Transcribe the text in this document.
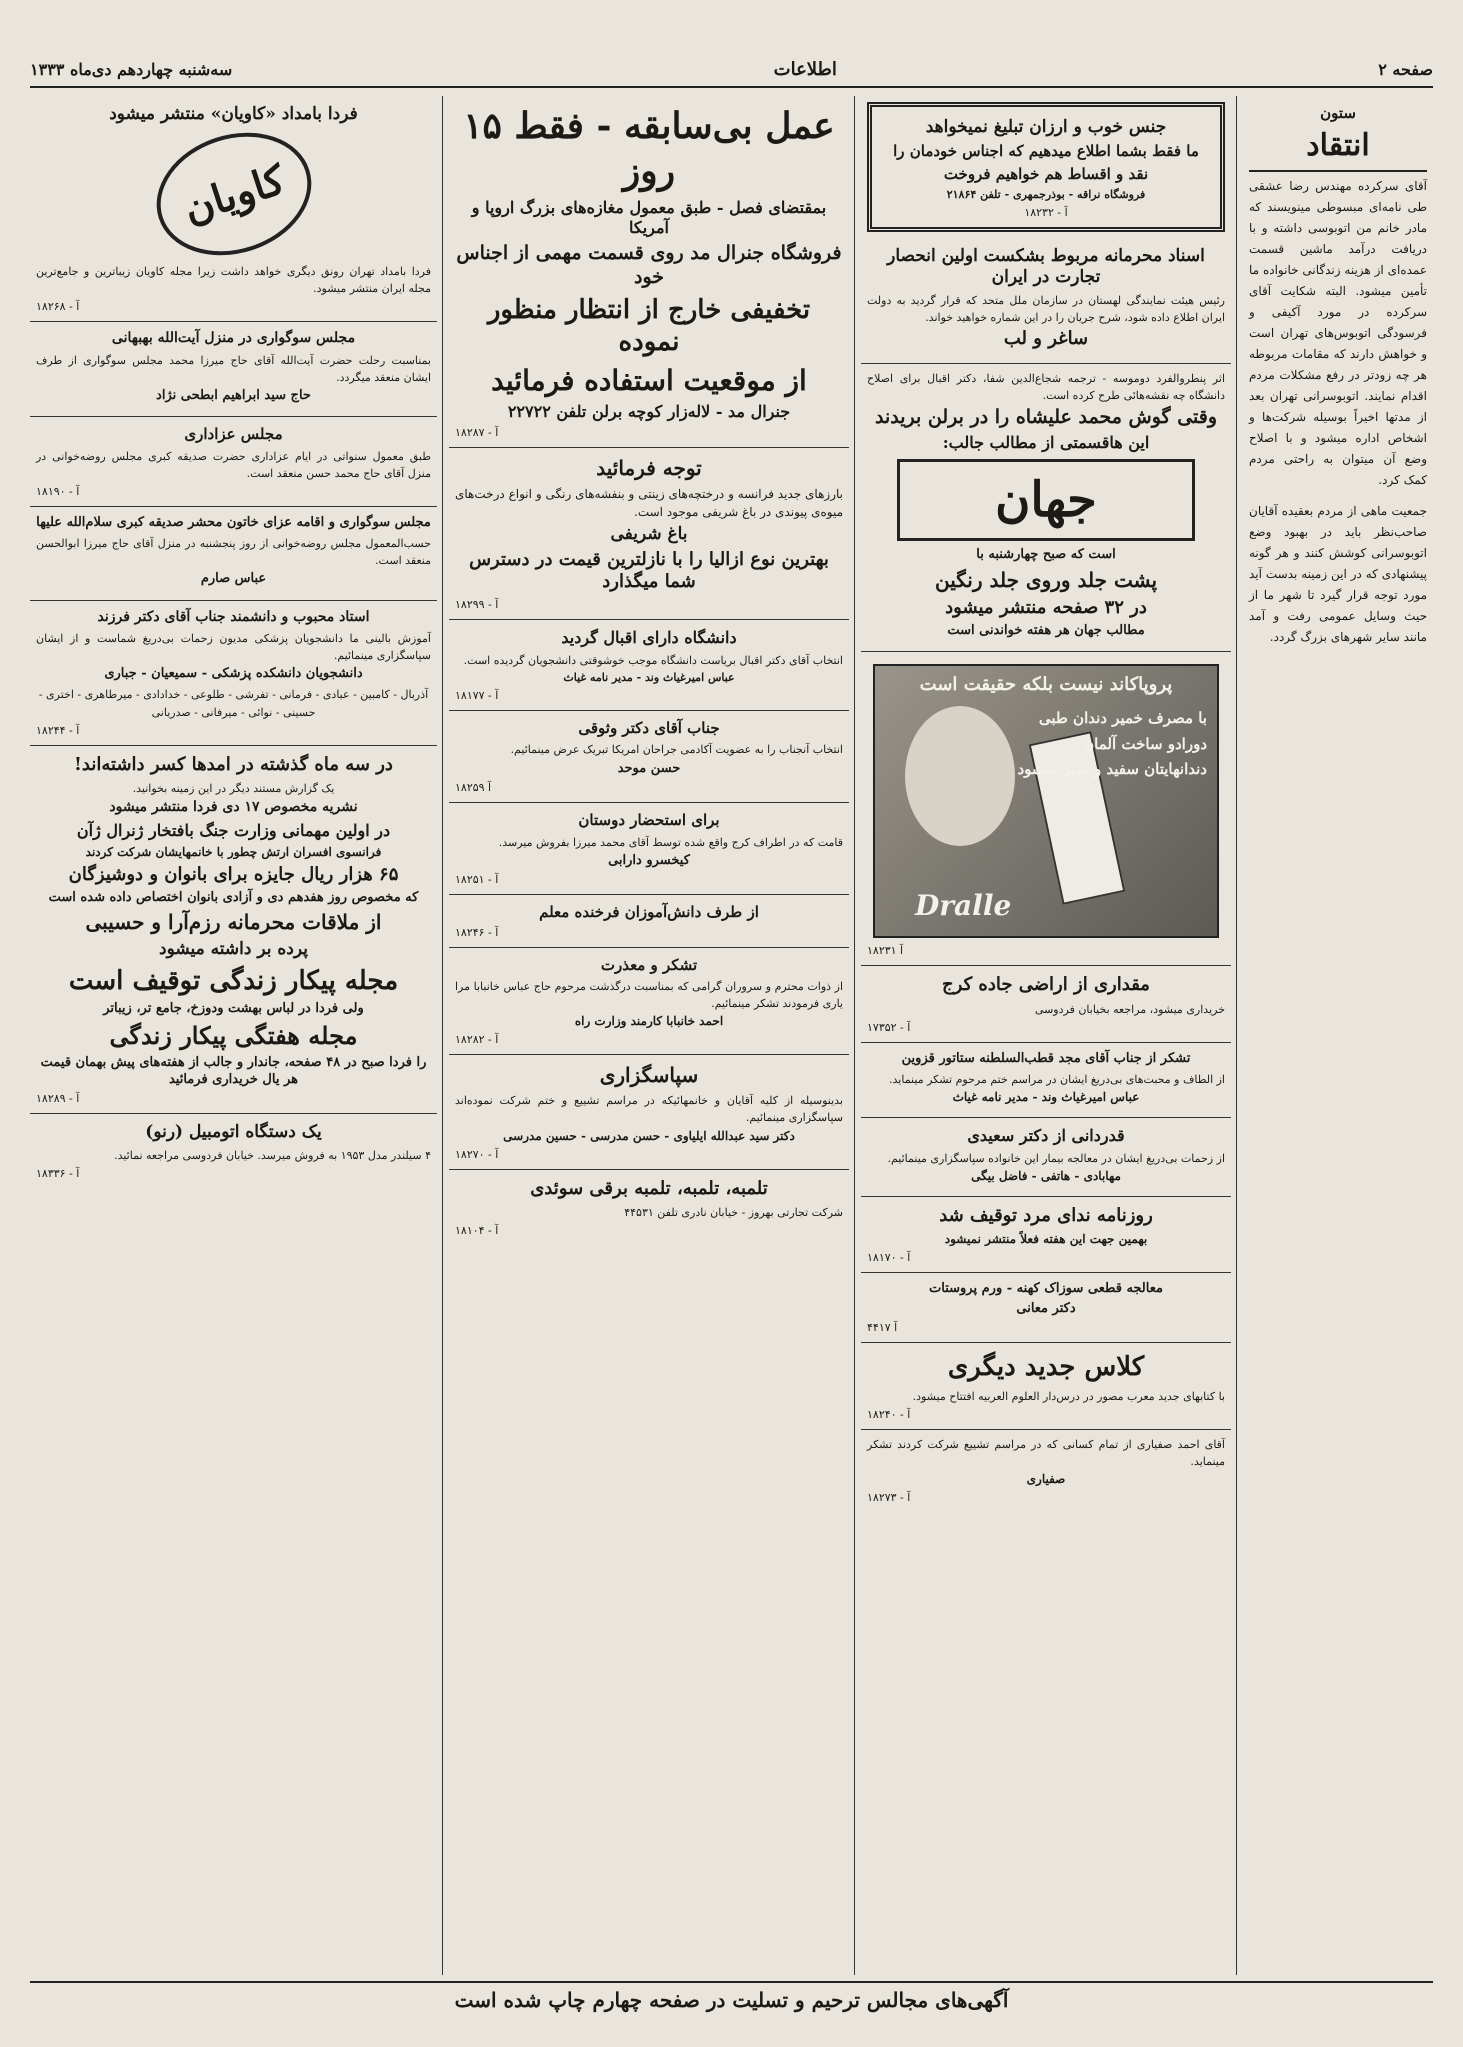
صفحه ۲
اطلاعات
سه‌شنبه چهاردهم دی‌ماه ۱۳۳۳
ستون
انتقاد

آقای سرکرده مهندس رضا عشقی طی نامه‌ای مبسوطی مینویسند که مادر خانم من اتوبوسی داشته و با دریافت درآمد ماشین قسمت عمده‌ای از هزینه زندگانی خانواده ما تأمین میشود. البته شکایت آقای سرکرده در مورد آکیفی و فرسودگی اتوبوس‌های تهران است و خواهش دارند که مقامات مربوطه هر چه زودتر در رفع مشکلات مردم اقدام نمایند. اتوبوسرانی تهران بعد از مدتها اخیراً بوسیله شرکت‌ها و اشخاص اداره میشود و با اصلاح وضع آن میتوان به راحتی مردم کمک کرد.

جمعیت ماهی از مردم بعقیده آقایان صاحب‌نظر باید در بهبود وضع اتوبوسرانی کوشش کنند و هر گونه پیشنهادی که در این زمینه بدست آید مورد توجه قرار گیرد تا شهر ما از حیث وسایل عمومی رفت و آمد مانند سایر شهرهای بزرگ گردد.

جنس خوب و ارزان تبلیغ نمیخواهد
ما فقط بشما اطلاع میدهیم که اجناس خودمان را
نقد و اقساط هم خواهیم فروخت
فروشگاه نراقه - بوذرجمهری - تلفن ۲۱۸۶۴
آ - ۱۸۲۳۲
اسناد محرمانه مربوط بشکست اولین انحصار تجارت در ایران

رئیس هیئت نمایندگی لهستان در سازمان ملل متحد که قرار گردید به دولت ایران اطلاع داده شود، شرح جریان را در این شماره خواهید خواند.

ساغر و لب

اثر پنطروالفرد دوموسه - ترجمه شجاع‌الدین شفا، دکتر اقبال برای اصلاح دانشگاه چه نقشه‌هائی طرح کرده است.

وقتی گوش محمد علیشاه را در برلن بریدند
این هاقسمتی از مطالب جالب:
جهان
است که صبح چهارشنبه با
پشت جلد وروی جلد رنگین
در ۳۲ صفحه منتشر میشود
مطالب جهان هر هفته خواندنی است
پروپاکاند نیست بلکه حقیقت است
با مصرف خمیر دندان طبی دورادو ساخت آلمان دندانهایتان سفید و تمیز میشود
Dralle
آ ۱۸۲۳۱
مقداری از اراضی جاده کرج

خریداری میشود، مراجعه بخیابان فردوسی

آ - ۱۷۳۵۲
تشکر از جناب آقای مجد قطب‌السلطنه ستاتور قزوین

از الطاف و محبت‌های بی‌دریغ ایشان در مراسم ختم مرحوم تشکر مینماید.

عباس امیرغیاث وند - مدیر نامه غیاث
قدردانی از دکتر سعیدی

از زحمات بی‌دریغ ایشان در معالجه بیمار این خانواده سپاسگزاری مینمائیم.

مهابادی - هاتفی - فاضل بیگی
روزنامه ندای مرد توقیف شد
بهمین جهت این هفته فعلاً منتشر نمیشود
آ - ۱۸۱۷۰
معالجه قطعی سوزاک کهنه - ورم پروستات
دکتر معانی
آ ۴۴۱۷
کلاس جدید دیگری

با کتابهای جدید معرب مصور در درس‌دار العلوم العربیه افتتاح میشود.

آ - ۱۸۲۴۰

آقای احمد صفیاری از تمام کسانی که در مراسم تشییع شرکت کردند تشکر مینماید.

صفیاری
آ - ۱۸۲۷۳
عمل بی‌سابقه - فقط ۱۵ روز
بمقتضای فصل - طبق معمول مغازه‌های بزرگ اروپا و آمریکا
فروشگاه جنرال مد روی قسمت مهمی از اجناس خود
تخفیفی خارج از انتظار منظور نموده
از موقعیت استفاده فرمائید
جنرال مد - لاله‌زار کوچه برلن تلفن ۲۲۷۲۲
آ - ۱۸۲۸۷
توجه فرمائید

بارزهای جدید فرانسه و درختچه‌های زینتی و بنفشه‌های رنگی و انواع درخت‌های میوه‌ی پیوندی در باغ شریفی موجود است.

باغ شریفی
بهترین نوع ازالیا را با نازلترین قیمت در دسترس شما میگذارد
آ - ۱۸۲۹۹
دانشگاه دارای اقبال گردید

انتخاب آقای دکتر اقبال بریاست دانشگاه موجب خوشوقتی دانشجویان گردیده است.

عباس امیرغیاث وند - مدیر نامه غیاث
آ - ۱۸۱۷۷
جناب آقای دکتر وثوقی

انتخاب آنجناب را به عضویت آکادمی جراحان امریکا تبریک عرض مینمائیم.

حسن موحد
آ ۱۸۲۵۹
برای استحضار دوستان

قامت که در اطراف کرج واقع شده توسط آقای محمد میرزا بفروش میرسد.

کیخسرو دارابی
آ - ۱۸۲۵۱
از طرف دانش‌آموزان فرخنده معلم
آ - ۱۸۲۴۶
تشکر و معذرت

از ذوات محترم و سروران گرامی که بمناسبت درگذشت مرحوم حاج عباس خانبابا مرا یاری فرمودند تشکر مینمائیم.

احمد خانبابا کارمند وزارت راه
آ - ۱۸۲۸۲
سپاسگزاری

بدینوسیله از کلیه آقایان و خانمهائیکه در مراسم تشییع و ختم شرکت نموده‌اند سپاسگزاری مینمائیم.

دکتر سید عبدالله ایلیاوی - حسن مدرسی - حسین مدرسی
آ - ۱۸۲۷۰
تلمبه، تلمبه، تلمبه برقی سوئدی

شرکت تجارتی بهروز - خیابان نادری تلفن ۴۴۵۳۱

آ - ۱۸۱۰۴
فردا بامداد «کاویان» منتشر میشود
کاویان

فردا بامداد تهران رونق دیگری خواهد داشت زیرا مجله کاویان زیباترین و جامع‌ترین مجله ایران منتشر میشود.

آ - ۱۸۲۶۸
مجلس سوگواری در منزل آیت‌الله بهبهانی

بمناسبت رحلت حضرت آیت‌الله آقای حاج میرزا محمد مجلس سوگواری از طرف ایشان منعقد میگردد.

حاج سید ابراهیم ابطحی نژاد
مجلس عزاداری

طبق معمول سنواتی در ایام عزاداری حضرت صدیقه کبری مجلس روضه‌خوانی در منزل آقای حاج محمد حسن منعقد است.

آ - ۱۸۱۹۰
مجلس سوگواری و اقامه عزای خاتون محشر صدیقه کبری سلام‌الله علیها

حسب‌المعمول مجلس روضه‌خوانی از روز پنجشنبه در منزل آقای حاج میرزا ابوالحسن منعقد است.

عباس صارم
استاد محبوب و دانشمند جناب آقای دکتر فرزند

آموزش بالینی ما دانشجویان پزشکی مدیون زحمات بی‌دریغ شماست و از ایشان سپاسگزاری مینمائیم.

دانشجویان دانشکده پزشکی - سمیعیان - جباری

آذربال - کامبین - عبادی - فرمانی - تفرشی - طلوعی - خدادادی - میرطاهری - اختری - حسینی - نوائی - میرفانی - صدریانی

آ - ۱۸۲۴۴
در سه ماه گذشته در امدها کسر داشته‌اند!

یک گزارش مستند دیگر در این زمینه بخوانید.

نشریه مخصوص ۱۷ دی فردا منتشر میشود
در اولین مهمانی وزارت جنگ بافتخار ژنرال ژآن
فرانسوی افسران ارتش چطور با خانمهایشان شرکت کردند
۶۵ هزار ریال جایزه برای بانوان و دوشیزگان
که مخصوص روز هفدهم دی و آزادی بانوان اختصاص داده شده است
از ملاقات محرمانه رزم‌آرا و حسیبی
پرده بر داشته میشود
مجله پیکار زندگی توقیف است
ولی فردا در لباس بهشت ودوزخ، جامع تر، زیباتر
مجله هفتگی پیکار زندگی
را فردا صبح در ۴۸ صفحه، جاندار و جالب از هفته‌های پیش بهمان قیمت هر یال خریداری فرمائید
آ - ۱۸۲۸۹
یک دستگاه اتومبیل (رنو)

۴ سیلندر مدل ۱۹۵۳ به فروش میرسد. خیابان فردوسی مراجعه نمائید.

آ - ۱۸۳۳۶
آگهی‌های مجالس ترحیم و تسلیت در صفحه چهارم چاپ شده است
